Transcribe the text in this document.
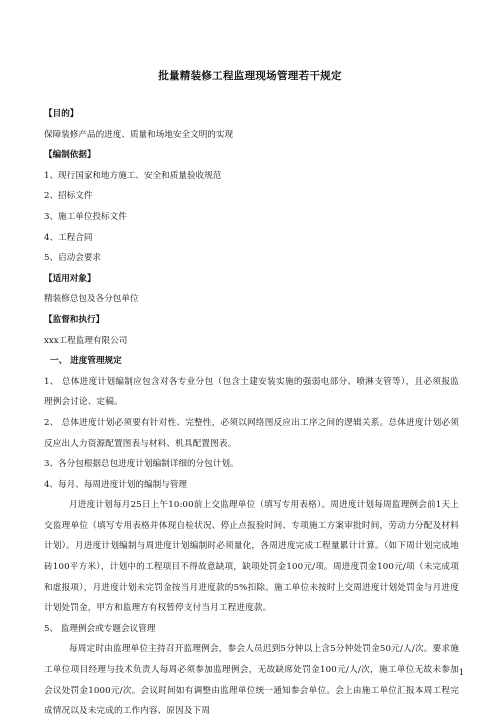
批量精装修工程监理现场管理若干规定
【目的】
保障装修产品的进度、质量和场地安全文明的实现
【编制依据】
1、现行国家和地方施工、安全和质量验收规范
2、招标文件
3、施工单位投标文件
4、工程合同
5、启动会要求
【适用对象】
精装修总包及各分包单位
【监督和执行】
xxx工程监理有限公司
一、 进度管理规定
1、 总体进度计划编制应包含对各专业分包（包含土建安装实施的强弱电部分、喷淋支管等），且必须报监理例会讨论、定稿。
2、 总体进度计划必须要有针对性、完整性，必须以网络图反应出工序之间的逻辑关系。总体进度计划必须反应出人力资源配置图表与材料、机具配置图表。
3、各分包根据总包进度计划编制详细的分包计划。
4、每月、每周进度计划的编制与管理
月进度计划每月25日上午10:00前上交监理单位（填写专用表格）。周进度计划每周监理例会前1天上交监理单位（填写专用表格并体现自检状况、停止点报验时间、专项施工方案审批时间，劳动力分配及材料计划）。月进度计划编制与周进度计划编制时必须量化，各周进度完成工程量累计计算。（如下周计划完成地砖100平方米），计划中的工程项目不得故意缺项，缺项处罚金100元/项。周进度罚金100元/项（未完成项和虚报项），月进度计划未完罚金按当月进度款的5%扣除。施工单位未按时上交周进度计划处罚金与月进度计划处罚金，甲方和监理方有权暂停支付当月工程进度款。
5、 监理例会或专题会议管理
每周定时由监理单位主持召开监理例会，参会人员迟到5分钟以上含5分钟处罚金50元/人/次。要求施工单位项目经理与技术负责人每周必须参加监理例会，无故缺席处罚金100元/人/次，施工单位无故未参加会议处罚金1000元/次。会议时间如有调整由监理单位统一通知参会单位。会上由施工单位汇报本周工程完成情况以及未完成的工作内容、原因及下周
1
